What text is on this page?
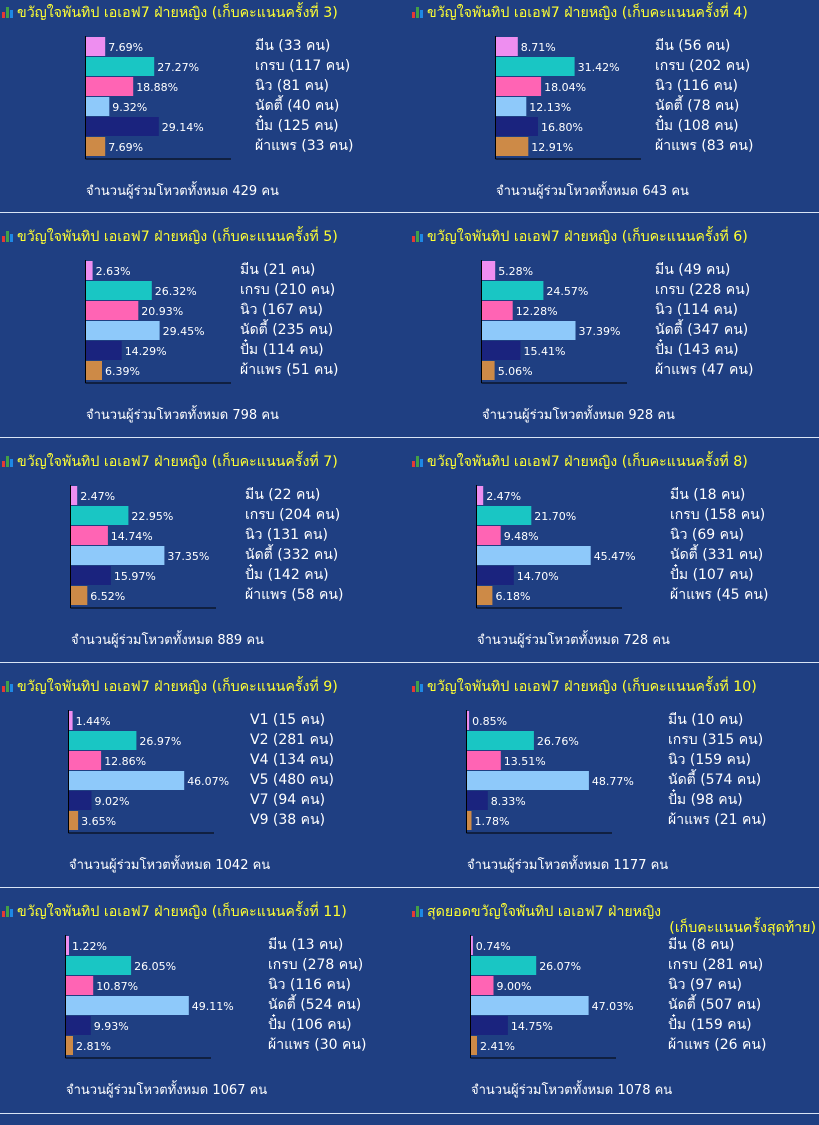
ขวัญใจพันทิป เอเอฟ7 ฝ่ายหญิง (เก็บคะแนนครั้งที่ 3)
7.69%
27.27%
18.88%
9.32%
29.14%
7.69%
มีน (33 คน)
เกรบ (117 คน)
นิว (81 คน)
นัดตี้ (40 คน)
ปั๋ม (125 คน)
ผ้าแพร (33 คน)
จำนวนผู้ร่วมโหวตทั้งหมด 429 คน
ขวัญใจพันทิป เอเอฟ7 ฝ่ายหญิง (เก็บคะแนนครั้งที่ 4)
8.71%
31.42%
18.04%
12.13%
16.80%
12.91%
มีน (56 คน)
เกรบ (202 คน)
นิว (116 คน)
นัดตี้ (78 คน)
ปั๋ม (108 คน)
ผ้าแพร (83 คน)
จำนวนผู้ร่วมโหวตทั้งหมด 643 คน
ขวัญใจพันทิป เอเอฟ7 ฝ่ายหญิง (เก็บคะแนนครั้งที่ 5)
2.63%
26.32%
20.93%
29.45%
14.29%
6.39%
มีน (21 คน)
เกรบ (210 คน)
นิว (167 คน)
นัดตี้ (235 คน)
ปั๋ม (114 คน)
ผ้าแพร (51 คน)
จำนวนผู้ร่วมโหวตทั้งหมด 798 คน
ขวัญใจพันทิป เอเอฟ7 ฝ่ายหญิง (เก็บคะแนนครั้งที่ 6)
5.28%
24.57%
12.28%
37.39%
15.41%
5.06%
มีน (49 คน)
เกรบ (228 คน)
นิว (114 คน)
นัดตี้ (347 คน)
ปั๋ม (143 คน)
ผ้าแพร (47 คน)
จำนวนผู้ร่วมโหวตทั้งหมด 928 คน
ขวัญใจพันทิป เอเอฟ7 ฝ่ายหญิง (เก็บคะแนนครั้งที่ 7)
2.47%
22.95%
14.74%
37.35%
15.97%
6.52%
มีน (22 คน)
เกรบ (204 คน)
นิว (131 คน)
นัดตี้ (332 คน)
ปั๋ม (142 คน)
ผ้าแพร (58 คน)
จำนวนผู้ร่วมโหวตทั้งหมด 889 คน
ขวัญใจพันทิป เอเอฟ7 ฝ่ายหญิง (เก็บคะแนนครั้งที่ 8)
2.47%
21.70%
9.48%
45.47%
14.70%
6.18%
มีน (18 คน)
เกรบ (158 คน)
นิว (69 คน)
นัดตี้ (331 คน)
ปั๋ม (107 คน)
ผ้าแพร (45 คน)
จำนวนผู้ร่วมโหวตทั้งหมด 728 คน
ขวัญใจพันทิป เอเอฟ7 ฝ่ายหญิง (เก็บคะแนนครั้งที่ 9)
1.44%
26.97%
12.86%
46.07%
9.02%
3.65%
V1 (15 คน)
V2 (281 คน)
V4 (134 คน)
V5 (480 คน)
V7 (94 คน)
V9 (38 คน)
จำนวนผู้ร่วมโหวตทั้งหมด 1042 คน
ขวัญใจพันทิป เอเอฟ7 ฝ่ายหญิง (เก็บคะแนนครั้งที่ 10)
0.85%
26.76%
13.51%
48.77%
8.33%
1.78%
มีน (10 คน)
เกรบ (315 คน)
นิว (159 คน)
นัดตี้ (574 คน)
ปั๋ม (98 คน)
ผ้าแพร (21 คน)
จำนวนผู้ร่วมโหวตทั้งหมด 1177 คน
ขวัญใจพันทิป เอเอฟ7 ฝ่ายหญิง (เก็บคะแนนครั้งที่ 11)
1.22%
26.05%
10.87%
49.11%
9.93%
2.81%
มีน (13 คน)
เกรบ (278 คน)
นิว (116 คน)
นัดตี้ (524 คน)
ปั๋ม (106 คน)
ผ้าแพร (30 คน)
จำนวนผู้ร่วมโหวตทั้งหมด 1067 คน
สุดยอดขวัญใจพันทิป เอเอฟ7 ฝ่ายหญิง
(เก็บคะแนนครั้งสุดท้าย)
0.74%
26.07%
9.00%
47.03%
14.75%
2.41%
มีน (8 คน)
เกรบ (281 คน)
นิว (97 คน)
นัดตี้ (507 คน)
ปั๋ม (159 คน)
ผ้าแพร (26 คน)
จำนวนผู้ร่วมโหวตทั้งหมด 1078 คน
